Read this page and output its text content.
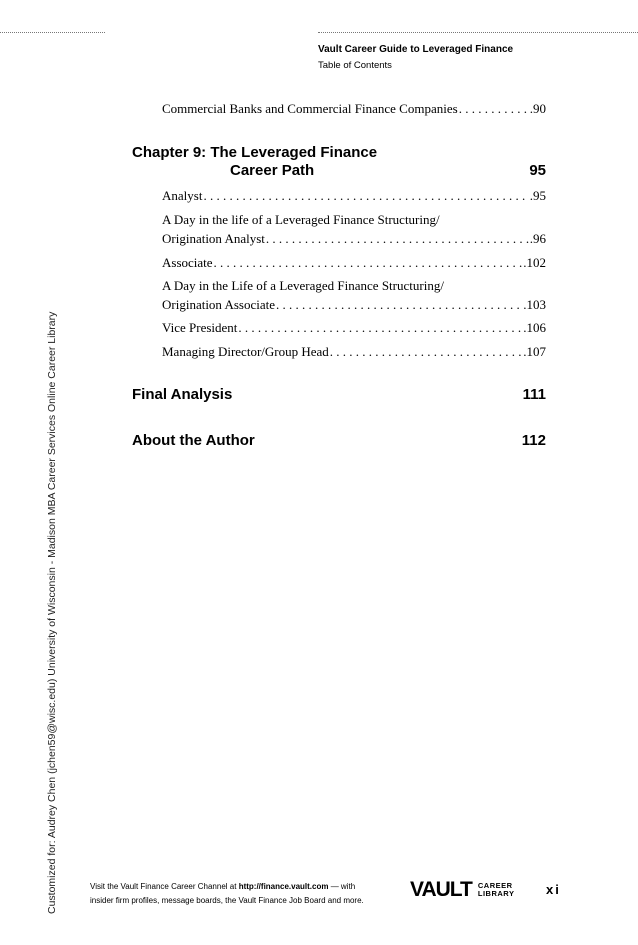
Vault Career Guide to Leveraged Finance
Table of Contents
Customized for: Audrey Chen (jchen59@wisc.edu) University of Wisconsin - Madison MBA Career Services Online Career Library
Commercial Banks and Commercial Finance Companies . . .	.90
Chapter 9: The Leveraged Finance
Career Path	95
Analyst . . .	.95
A Day in the life of a Leveraged Finance Structuring/
Origination Analyst . . .	.96
Associate . . .	.102
A Day in the Life of a Leveraged Finance Structuring/
Origination Associate . . .	.103
Vice President . . .	.106
Managing Director/Group Head . . .	.107
Final Analysis	111
About the Author	112
Visit the Vault Finance Career Channel at http://finance.vault.com — with
insider firm profiles, message boards, the Vault Finance Job Board and more. VAULT CAREER
LIBRARY xi
